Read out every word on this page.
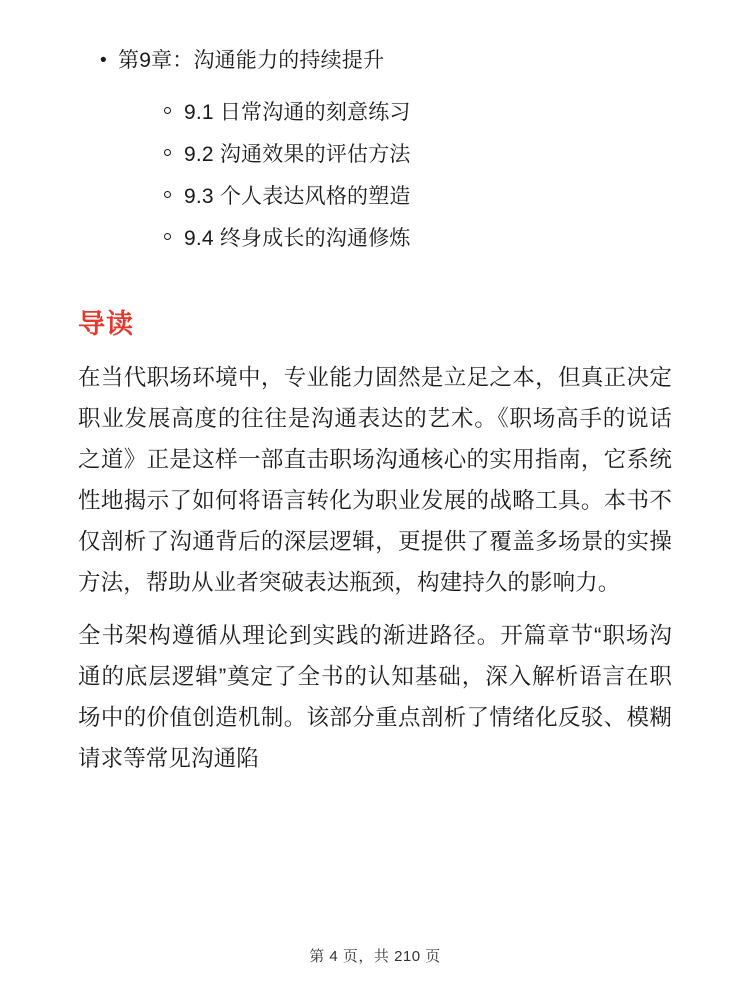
• 第9章：沟通能力的持续提升
9.1 日常沟通的刻意练习
9.2 沟通效果的评估方法
9.3 个人表达风格的塑造
9.4 终身成长的沟通修炼
导读

在当代职场环境中，专业能力固然是立足之本，但真正决定职业发展高度的往往是沟通表达的艺术。《职场高手的说话之道》正是这样一部直击职场沟通核心的实用指南，它系统性地揭示了如何将语言转化为职业发展的战略工具。本书不仅剖析了沟通背后的深层逻辑，更提供了覆盖多场景的实操方法，帮助从业者突破表达瓶颈，构建持久的影响力。

全书架构遵循从理论到实践的渐进路径。开篇章节“职场沟通的底层逻辑”奠定了全书的认知基础，深入解析语言在职场中的价值创造机制。该部分重点剖析了情绪化反驳、模糊请求等常见沟通陷

第 4 页，共 210 页
